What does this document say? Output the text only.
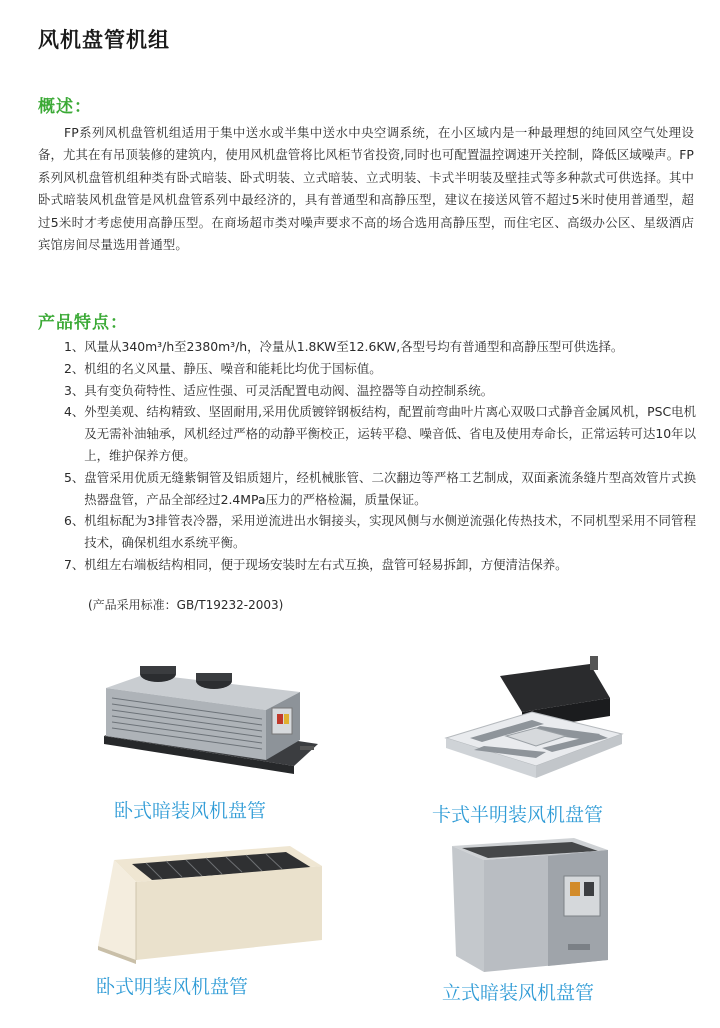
风机盘管机组
概述：
FP系列风机盘管机组适用于集中送水或半集中送水中央空调系统，在小区域内是一种最理想的纯回风空气处理设备，尤其在有吊顶装修的建筑内，使用风机盘管将比风柜节省投资,同时也可配置温控调速开关控制，降低区域噪声。FP系列风机盘管机组种类有卧式暗装、卧式明装、立式暗装、立式明装、卡式半明装及壁挂式等多种款式可供选择。其中卧式暗装风机盘管是风机盘管系列中最经济的，具有普通型和高静压型，建议在接送风管不超过5米时使用普通型，超过5米时才考虑使用高静压型。在商场超市类对噪声要求不高的场合选用高静压型，而住宅区、高级办公区、星级酒店宾馆房间尽量选用普通型。
产品特点：
1、 风量从340m³/h至2380m³/h，冷量从1.8KW至12.6KW,各型号均有普通型和高静压型可供选择。
2、 机组的名义风量、静压、噪音和能耗比均优于国标值。
3、 具有变负荷特性、适应性强、可灵活配置电动阀、温控器等自动控制系统。
4、 外型美观、结构精致、坚固耐用,采用优质镀锌钢板结构，配置前弯曲叶片离心双吸口式静音金属风机，PSC电机及无需补油轴承，风机经过严格的动静平衡校正，运转平稳、噪音低、省电及使用寿命长，正常运转可达10年以上，维护保养方便。
5、 盘管采用优质无缝紫铜管及铝质翅片，经机械胀管、二次翻边等严格工艺制成，双面紊流条缝片型高效管片式换热器盘管，产品全部经过2.4MPa压力的严格检漏，质量保证。
6、 机组标配为3排管表冷器，采用逆流进出水铜接头，实现风侧与水侧逆流强化传热技术，不同机型采用不同管程技术，确保机组水系统平衡。
7、 机组左右端板结构相同，便于现场安装时左右式互换，盘管可轻易拆卸，方便清洁保养。
(产品采用标准：GB/T19232-2003)
卧式暗装风机盘管	卡式半明装风机盘管
卧式明装风机盘管	立式暗装风机盘管
